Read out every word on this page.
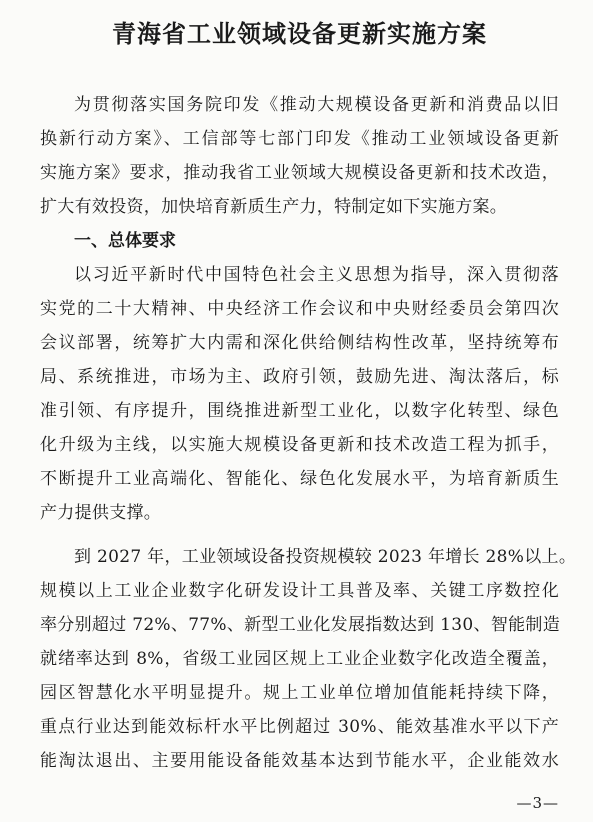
青海省工业领域设备更新实施方案

为贯彻落实国务院印发《推动大规模设备更新和消费品以旧
换新行动方案》、工信部等七部门印发《推动工业领域设备更新
实施方案》要求，推动我省工业领域大规模设备更新和技术改造，
扩大有效投资，加快培育新质生产力，特制定如下实施方案。

一、总体要求

以习近平新时代中国特色社会主义思想为指导，深入贯彻落
实党的二十大精神、中央经济工作会议和中央财经委员会第四次
会议部署，统筹扩大内需和深化供给侧结构性改革，坚持统筹布
局、系统推进，市场为主、政府引领，鼓励先进、淘汰落后，标
准引领、有序提升，围绕推进新型工业化，以数字化转型、绿色
化升级为主线，以实施大规模设备更新和技术改造工程为抓手，
不断提升工业高端化、智能化、绿色化发展水平，为培育新质生
产力提供支撑。

到 2027 年，工业领域设备投资规模较 2023 年增长 28%以上。
规模以上工业企业数字化研发设计工具普及率、关键工序数控化
率分别超过 72%、77%、新型工业化发展指数达到 130、智能制造
就绪率达到 8%，省级工业园区规上工业企业数字化改造全覆盖，
园区智慧化水平明显提升。规上工业单位增加值能耗持续下降，
重点行业达到能效标杆水平比例超过 30%、能效基准水平以下产
能淘汰退出、主要用能设备能效基本达到节能水平，企业能效水

—3—
